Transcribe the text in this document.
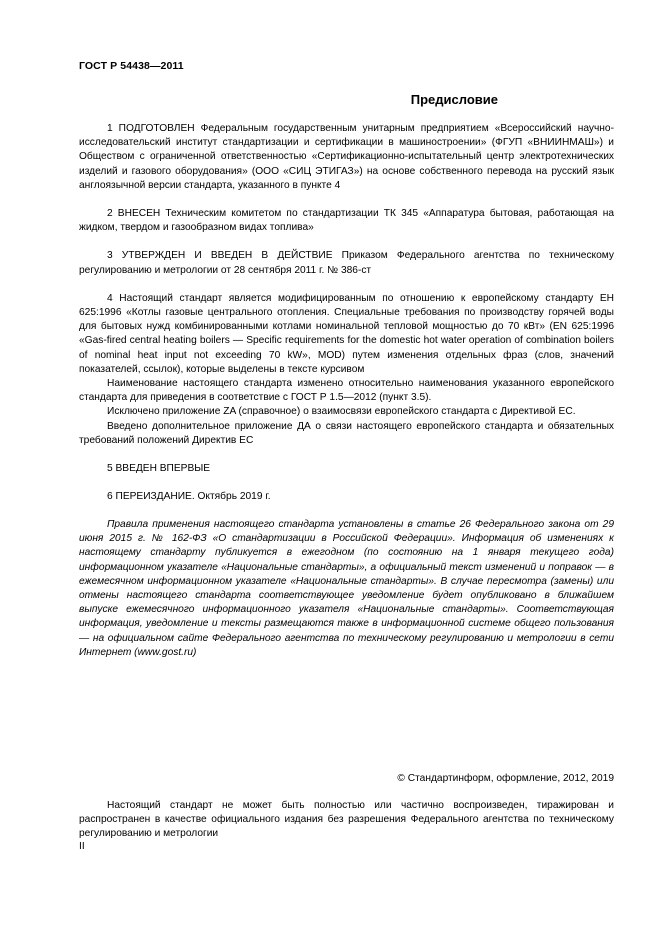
ГОСТ Р 54438—2011
Предисловие

1 ПОДГОТОВЛЕН Федеральным государственным унитарным предприятием «Всероссийский научно-исследовательский институт стандартизации и сертификации в машиностроении» (ФГУП «ВНИИНМАШ») и Обществом с ограниченной ответственностью «Сертификационно-испытательный центр электротехнических изделий и газового оборудования» (ООО «СИЦ ЭТИГАЗ») на основе собственного перевода на русский язык англоязычной версии стандарта, указанного в пункте 4

2 ВНЕСЕН Техническим комитетом по стандартизации ТК 345 «Аппаратура бытовая, работающая на жидком, твердом и газообразном видах топлива»

3 УТВЕРЖДЕН И ВВЕДЕН В ДЕЙСТВИЕ Приказом Федерального агентства по техническому регулированию и метрологии от 28 сентября 2011 г. № 386-ст

4 Настоящий стандарт является модифицированным по отношению к европейскому стандарту ЕН 625:1996 «Котлы газовые центрального отопления. Специальные требования по производству горячей воды для бытовых нужд комбинированными котлами номинальной тепловой мощностью до 70 кВт» (EN 625:1996 «Gas-fired central heating boilers — Specific requirements for the domestic hot water operation of combination boilers of nominal heat input not exceeding 70 kW», MOD) путем изменения отдельных фраз (слов, значений показателей, ссылок), которые выделены в тексте курсивом

Наименование настоящего стандарта изменено относительно наименования указанного европейского стандарта для приведения в соответствие с ГОСТ Р 1.5—2012 (пункт 3.5).

Исключено приложение ZA (справочное) о взаимосвязи европейского стандарта с Директивой ЕС.

Введено дополнительное приложение ДА о связи настоящего европейского стандарта и обязательных требований положений Директив ЕС

5 ВВЕДЕН ВПЕРВЫЕ

6 ПЕРЕИЗДАНИЕ. Октябрь 2019 г.

Правила применения настоящего стандарта установлены в статье 26 Федерального закона от 29 июня 2015 г. № 162-ФЗ «О стандартизации в Российской Федерации». Информация об изменениях к настоящему стандарту публикуется в ежегодном (по состоянию на 1 января текущего года) информационном указателе «Национальные стандарты», а официальный текст изменений и поправок — в ежемесячном информационном указателе «Национальные стандарты». В случае пересмотра (замены) или отмены настоящего стандарта соответствующее уведомление будет опубликовано в ближайшем выпуске ежемесячного информационного указателя «Национальные стандарты». Соответствующая информация, уведомление и тексты размещаются также в информационной системе общего пользования — на официальном сайте Федерального агентства по техническому регулированию и метрологии в сети Интернет (www.gost.ru)

© Стандартинформ, оформление, 2012, 2019

Настоящий стандарт не может быть полностью или частично воспроизведен, тиражирован и распространен в качестве официального издания без разрешения Федерального агентства по техническому регулированию и метрологии

II
